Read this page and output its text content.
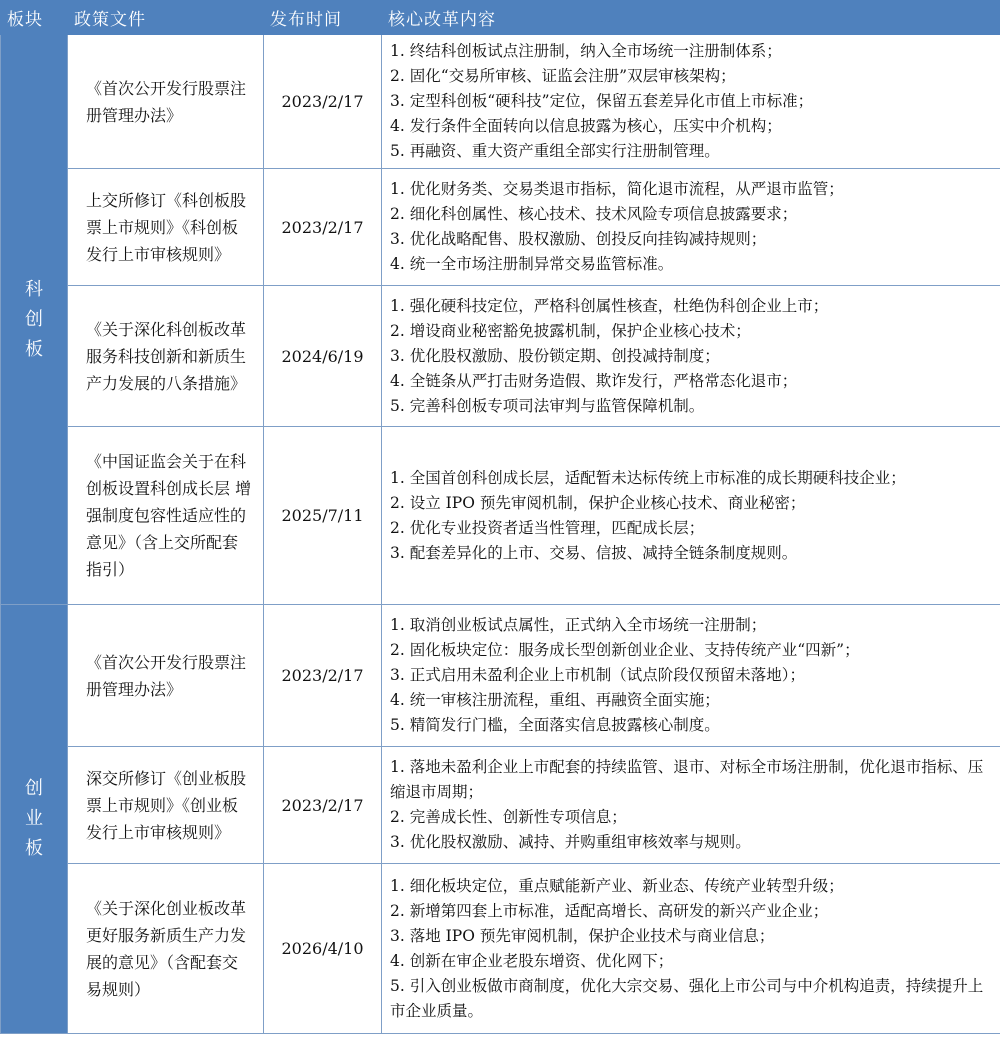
板块	政策文件	发布时间	核心改革内容

科创板	《首次公开发行股票注册管理办法》	2023/2/17	1. 终结科创板试点注册制，纳入全市场统一注册制体系；
2. 固化“交易所审核、证监会注册”双层审核架构；
3. 定型科创板“硬科技”定位，保留五套差异化市值上市标准；
4. 发行条件全面转向以信息披露为核心，压实中介机构；
5. 再融资、重大资产重组全部实行注册制管理。

	上交所修订《科创板股票上市规则》《科创板发行上市审核规则》	2023/2/17	1. 优化财务类、交易类退市指标，简化退市流程，从严退市监管；
2. 细化科创属性、核心技术、技术风险专项信息披露要求；
3. 优化战略配售、股权激励、创投反向挂钩减持规则；
4. 统一全市场注册制异常交易监管标准。

	《关于深化科创板改革 服务科技创新和新质生产力发展的八条措施》	2024/6/19	1. 强化硬科技定位，严格科创属性核查，杜绝伪科创企业上市；
2. 增设商业秘密豁免披露机制，保护企业核心技术；
3. 优化股权激励、股份锁定期、创投减持制度；
4. 全链条从严打击财务造假、欺诈发行，严格常态化退市；
5. 完善科创板专项司法审判与监管保障机制。

	《中国证监会关于在科创板设置科创成长层 增强制度包容性适应性的意见》（含上交所配套指引）	2025/7/11	1. 全国首创科创成长层，适配暂未达标传统上市标准的成长期硬科技企业；
2. 设立 IPO 预先审阅机制，保护企业核心技术、商业秘密；
2. 优化专业投资者适当性管理，匹配成长层；
3. 配套差异化的上市、交易、信披、减持全链条制度规则。

创业板	《首次公开发行股票注册管理办法》	2023/2/17	1. 取消创业板试点属性，正式纳入全市场统一注册制；
2. 固化板块定位：服务成长型创新创业企业、支持传统产业“四新”；
3. 正式启用未盈利企业上市机制（试点阶段仅预留未落地）；
4. 统一审核注册流程，重组、再融资全面实施；
5. 精简发行门槛，全面落实信息披露核心制度。

	深交所修订《创业板股票上市规则》《创业板发行上市审核规则》	2023/2/17	1. 落地未盈利企业上市配套的持续监管、退市、对标全市场注册制，优化退市指标、压缩退市周期；
2. 完善成长性、创新性专项信息；
3. 优化股权激励、减持、并购重组审核效率与规则。

	《关于深化创业板改革 更好服务新质生产力发展的意见》（含配套交易规则）	2026/4/10	1. 细化板块定位，重点赋能新产业、新业态、传统产业转型升级；
2. 新增第四套上市标准，适配高增长、高研发的新兴产业企业；
3. 落地 IPO 预先审阅机制，保护企业技术与商业信息；
4. 创新在审企业老股东增资、优化网下；
5. 引入创业板做市商制度，优化大宗交易、强化上市公司与中介机构追责，持续提升上市企业质量。
